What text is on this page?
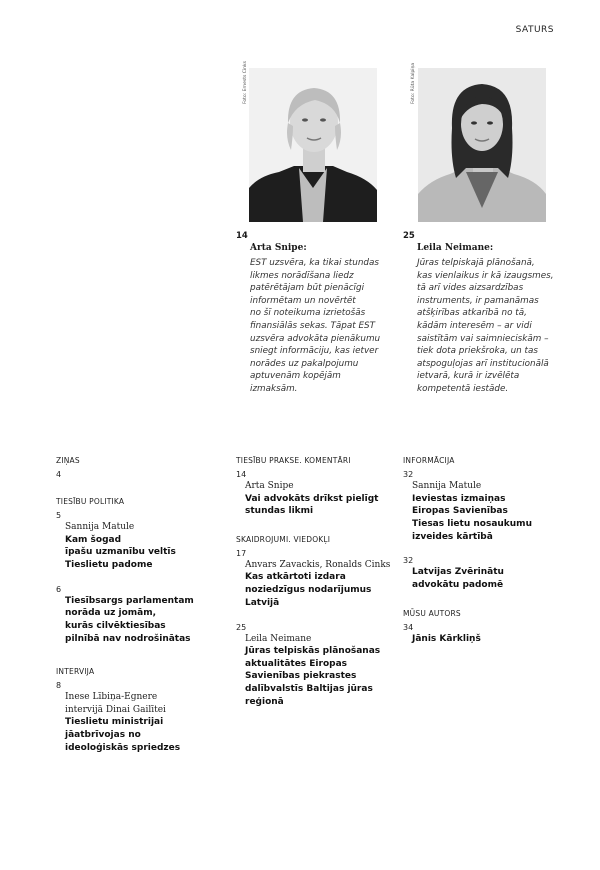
SATURS
Foto: Ernests Cinks	Foto: Rūta Kalpiņa
14
Arta Snipe:
EST uzsvēra, ka tikai stundas
likmes norādīšana liedz
patērētājam būt pienācīgi
informētam un novērtēt
no šī noteikuma izrietošās
finansiālās sekas. Tāpat EST
uzsvēra advokāta pienākumu
sniegt informāciju, kas ietver
norādes uz pakalpojumu
aptuvenām kopējām
izmaksām.
25
Leila Neimane:
Jūras telpiskajā plānošanā,
kas vienlaikus ir kā izaugsmes,
tā arī vides aizsardzības
instruments, ir pamanāmas
atšķirības atkarībā no tā,
kādām interesēm – ar vidi
saistītām vai saimnieciskām –
tiek dota priekšroka, un tas
atspoguļojas arī institucionālā
ietvarā, kurā ir izvēlēta
kompetentā iestāde.
ZIŅAS
4
TIESĪBU POLITIKA
5
Sannija Matule
Kam šogad
īpašu uzmanību veltīs
Tieslietu padome
6
Tiesībsargs parlamentam
norāda uz jomām,
kurās cilvēktiesības
pilnībā nav nodrošinātas
INTERVIJA
8
Inese Lībiņa-Egnere
intervijā Dinai Gailītei
Tieslietu ministrijai
jāatbrīvojas no
ideoloģiskās spriedzes
TIESĪBU PRAKSE. KOMENTĀRI
14
Arta Snipe
Vai advokāts drīkst pielīgt
stundas likmi
SKAIDROJUMI. VIEDOKĻI
17
Anvars Zavackis, Ronalds Cinks
Kas atkārtoti izdara
noziedzīgus nodarījumus
Latvijā
25
Leila Neimane
Jūras telpiskās plānošanas
aktualitātes Eiropas
Savienības piekrastes
dalībvalstīs Baltijas jūras
reģionā
INFORMĀCIJA
32
Sannija Matule
Ieviestas izmaiņas
Eiropas Savienības
Tiesas lietu nosaukumu
izveides kārtībā
32
Latvijas Zvērinātu
advokātu padomē
MŪSU AUTORS
34
Jānis Kārkliņš
